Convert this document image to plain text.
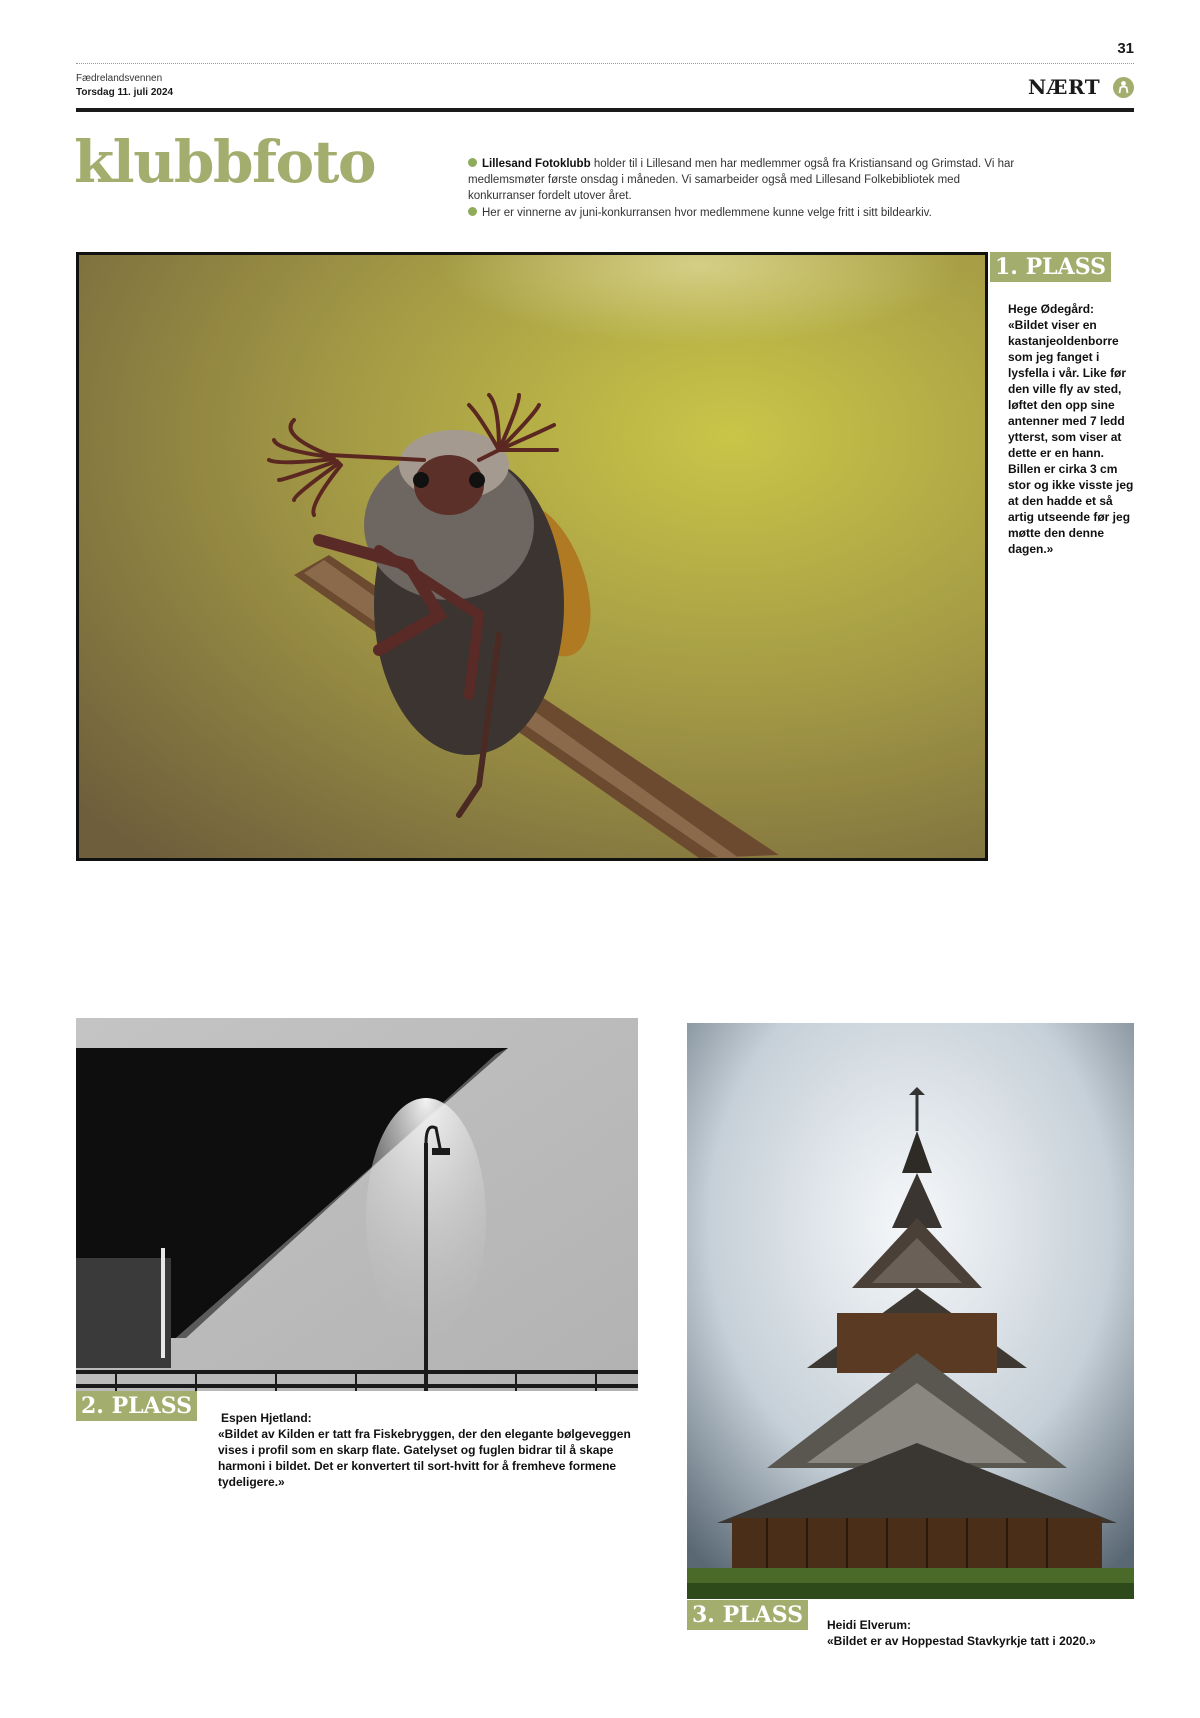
31
Fædrelandsvennen
Torsdag 11. juli 2024	NÆRT
klubbfoto	Lillesand Fotoklubb holder til i Lillesand men har medlemmer også fra Kristiansand og Grimstad. Vi har medlemsmøter første onsdag i måneden. Vi samarbeider også med Lillesand Folkebibliotek med konkurranser fordelt utover året.
Her er vinnerne av juni-konkurransen hvor medlemmene kunne velge fritt i sitt bildearkiv.
1. PLASS
Hege Ødegård:
«Bildet viser en kastanjeoldenborre som jeg fanget i lysfella i vår. Like før den ville fly av sted, løftet den opp sine antenner med 7 ledd ytterst, som viser at dette er en hann. Billen er cirka 3 cm stor og ikke visste jeg at den hadde et så artig utseende før jeg møtte den denne dagen.»
2. PLASS	Espen Hjetland:
«Bildet av Kilden er tatt fra Fiskebryggen, der den elegante bølgeveggen vises i profil som en skarp flate. Gatelyset og fuglen bidrar til å skape harmoni i bildet. Det er konvertert til sort-hvitt for å fremheve formene tydeligere.»
3. PLASS	Heidi Elverum:
«Bildet er av Hoppestad Stavkyrkje tatt i 2020.»
